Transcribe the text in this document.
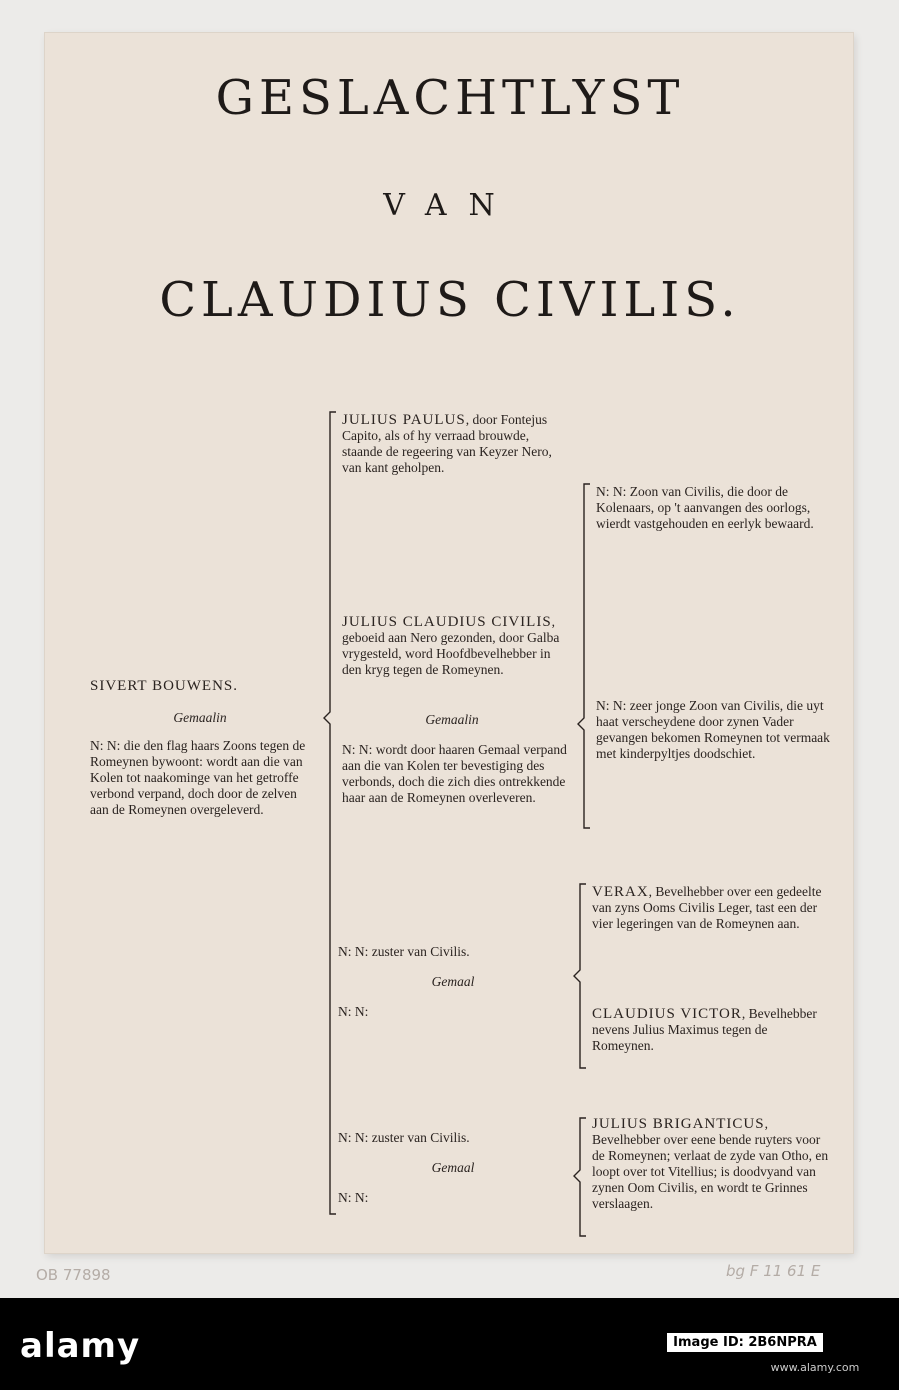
GESLACHTLYST
VAN
CLAUDIUS CIVILIS.
SIVERT BOUWENS.
Gemaalin
N: N: die den flag haars Zoons tegen de Romeynen bywoont: wordt aan die van Kolen tot naakominge van het getroffe verbond verpand, doch door de zelven aan de Romeynen overgeleverd.
JULIUS PAULUS, door Fontejus Capito, als of hy verraad brouwde, staande de regeering van Keyzer Nero, van kant geholpen.
JULIUS CLAUDIUS CIVILIS, geboeid aan Nero gezonden, door Galba vrygesteld, word Hoofdbevelhebber in den kryg tegen de Romeynen.
Gemaalin
N: N: wordt door haaren Gemaal verpand aan die van Kolen ter bevestiging des verbonds, doch die zich dies ontrekkende haar aan de Romeynen overleveren.
N: N: zuster van Civilis.
Gemaal
N: N:
N: N: zuster van Civilis.
Gemaal
N: N:
N: N: Zoon van Civilis, die door de Kolenaars, op 't aanvangen des oorlogs, wierdt vastgehouden en eerlyk bewaard.
N: N: zeer jonge Zoon van Civilis, die uyt haat verscheydene door zynen Vader gevangen bekomen Romeynen tot vermaak met kinderpyltjes doodschiet.
VERAX, Bevelhebber over een gedeelte van zyns Ooms Civilis Leger, tast een der vier legeringen van de Romeynen aan.
CLAUDIUS VICTOR, Bevelhebber nevens Julius Maximus tegen de Romeynen.
JULIUS BRIGANTICUS, Bevelhebber over eene bende ruyters voor de Romeynen; verlaat de zyde van Otho, en loopt over tot Vitellius; is doodvyand van zynen Oom Civilis, en wordt te Grinnes verslaagen.
OB 77898	bg F 11 61 E
alamy	Image ID: 2B6NPRA
www.alamy.com
